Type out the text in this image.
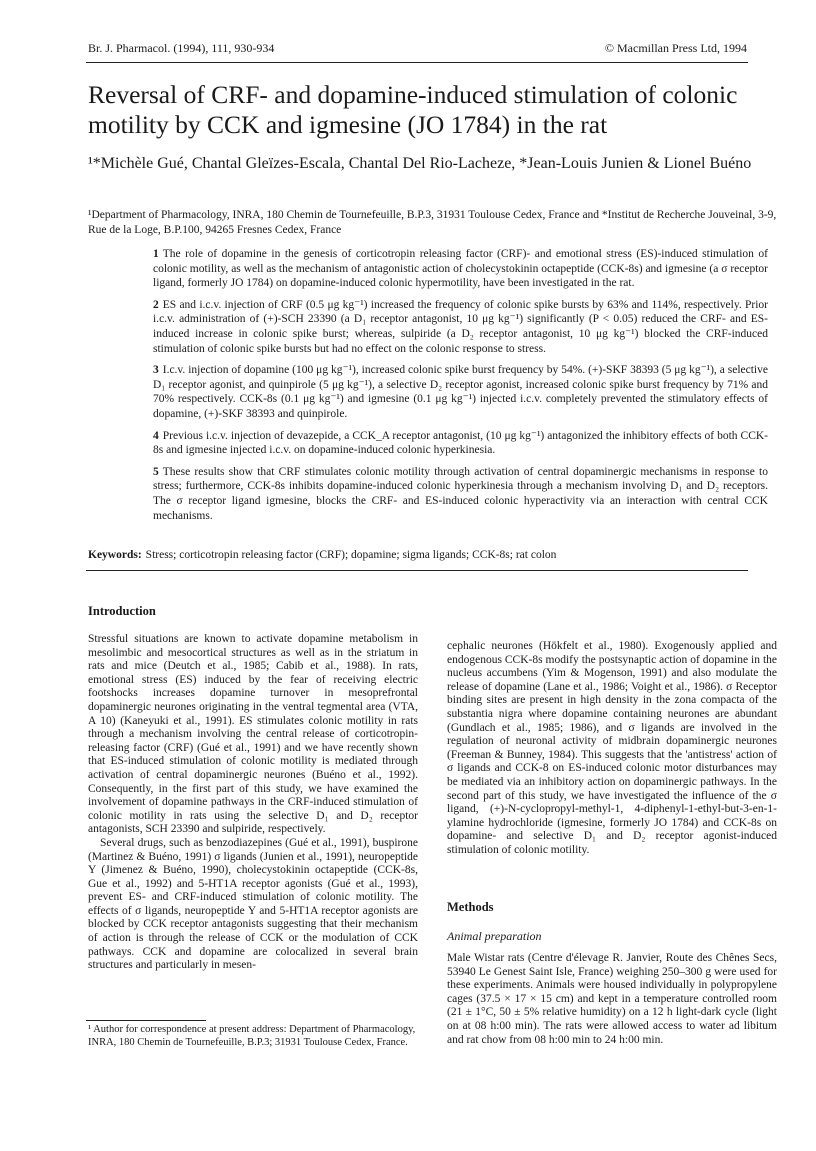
Br. J. Pharmacol. (1994), 111, 930-934	© Macmillan Press Ltd, 1994
Reversal of CRF- and dopamine-induced stimulation of colonic motility by CCK and igmesine (JO 1784) in the rat
¹*Michèle Gué, Chantal Gleïzes-Escala, Chantal Del Rio-Lacheze, *Jean-Louis Junien & Lionel Buéno
¹Department of Pharmacology, INRA, 180 Chemin de Tournefeuille, B.P.3, 31931 Toulouse Cedex, France and *Institut de Recherche Jouveinal, 3-9, Rue de la Loge, B.P.100, 94265 Fresnes Cedex, France

1 The role of dopamine in the genesis of corticotropin releasing factor (CRF)- and emotional stress (ES)-induced stimulation of colonic motility, as well as the mechanism of antagonistic action of cholecystokinin octapeptide (CCK-8s) and igmesine (a σ receptor ligand, formerly JO 1784) on dopamine-induced colonic hypermotility, have been investigated in the rat.

2 ES and i.c.v. injection of CRF (0.5 μg kg⁻¹) increased the frequency of colonic spike bursts by 63% and 114%, respectively. Prior i.c.v. administration of (+)-SCH 23390 (a D₁ receptor antagonist, 10 μg kg⁻¹) significantly (P < 0.05) reduced the CRF- and ES-induced increase in colonic spike burst; whereas, sulpiride (a D₂ receptor antagonist, 10 μg kg⁻¹) blocked the CRF-induced stimulation of colonic spike bursts but had no effect on the colonic response to stress.

3 I.c.v. injection of dopamine (100 μg kg⁻¹), increased colonic spike burst frequency by 54%. (+)-SKF 38393 (5 μg kg⁻¹), a selective D₁ receptor agonist, and quinpirole (5 μg kg⁻¹), a selective D₂ receptor agonist, increased colonic spike burst frequency by 71% and 70% respectively. CCK-8s (0.1 μg kg⁻¹) and igmesine (0.1 μg kg⁻¹) injected i.c.v. completely prevented the stimulatory effects of dopamine, (+)-SKF 38393 and quinpirole.

4 Previous i.c.v. injection of devazepide, a CCK_A receptor antagonist, (10 μg kg⁻¹) antagonized the inhibitory effects of both CCK-8s and igmesine injected i.c.v. on dopamine-induced colonic hyperkinesia.

5 These results show that CRF stimulates colonic motility through activation of central dopaminergic mechanisms in response to stress; furthermore, CCK-8s inhibits dopamine-induced colonic hyperkinesia through a mechanism involving D₁ and D₂ receptors. The σ receptor ligand igmesine, blocks the CRF- and ES-induced colonic hyperactivity via an interaction with central CCK mechanisms.

Keywords: Stress; corticotropin releasing factor (CRF); dopamine; sigma ligands; CCK-8s; rat colon
Introduction

Stressful situations are known to activate dopamine metabolism in mesolimbic and mesocortical structures as well as in the striatum in rats and mice (Deutch et al., 1985; Cabib et al., 1988). In rats, emotional stress (ES) induced by the fear of receiving electric footshocks increases dopamine turnover in mesoprefrontal dopaminergic neurones originating in the ventral tegmental area (VTA, A 10) (Kaneyuki et al., 1991). ES stimulates colonic motility in rats through a mechanism involving the central release of corticotropin-releasing factor (CRF) (Gué et al., 1991) and we have recently shown that ES-induced stimulation of colonic motility is mediated through activation of central dopaminergic neurones (Buéno et al., 1992). Consequently, in the first part of this study, we have examined the involvement of dopamine pathways in the CRF-induced stimulation of colonic motility in rats using the selective D₁ and D₂ receptor antagonists, SCH 23390 and sulpiride, respectively.

Several drugs, such as benzodiazepines (Gué et al., 1991), buspirone (Martinez & Buéno, 1991) σ ligands (Junien et al., 1991), neuropeptide Y (Jimenez & Buéno, 1990), cholecystokinin octapeptide (CCK-8s, Gue et al., 1992) and 5-HT1A receptor agonists (Gué et al., 1993), prevent ES- and CRF-induced stimulation of colonic motility. The effects of σ ligands, neuropeptide Y and 5-HT1A receptor agonists are blocked by CCK receptor antagonists suggesting that their mechanism of action is through the release of CCK or the modulation of CCK pathways. CCK and dopamine are colocalized in several brain structures and particularly in mesen-

cephalic neurones (Hökfelt et al., 1980). Exogenously applied and endogenous CCK-8s modify the postsynaptic action of dopamine in the nucleus accumbens (Yim & Mogenson, 1991) and also modulate the release of dopamine (Lane et al., 1986; Voight et al., 1986). σ Receptor binding sites are present in high density in the zona compacta of the substantia nigra where dopamine containing neurones are abundant (Gundlach et al., 1985; 1986), and σ ligands are involved in the regulation of neuronal activity of midbrain dopaminergic neurones (Freeman & Bunney, 1984). This suggests that the 'antistress' action of σ ligands and CCK-8 on ES-induced colonic motor disturbances may be mediated via an inhibitory action on dopaminergic pathways. In the second part of this study, we have investigated the influence of the σ ligand, (+)-N-cyclopropyl-methyl-1, 4-diphenyl-1-ethyl-but-3-en-1-ylamine hydrochloride (igmesine, formerly JO 1784) and CCK-8s on dopamine- and selective D₁ and D₂ receptor agonist-induced stimulation of colonic motility.

Methods
Animal preparation

Male Wistar rats (Centre d'élevage R. Janvier, Route des Chênes Secs, 53940 Le Genest Saint Isle, France) weighing 250–300 g were used for these experiments. Animals were housed individually in polypropylene cages (37.5 × 17 × 15 cm) and kept in a temperature controlled room (21 ± 1°C, 50 ± 5% relative humidity) on a 12 h light-dark cycle (light on at 08 h:00 min). The rats were allowed access to water ad libitum and rat chow from 08 h:00 min to 24 h:00 min.

¹ Author for correspondence at present address: Department of Pharmacology, INRA, 180 Chemin de Tournefeuille, B.P.3; 31931 Toulouse Cedex, France.
